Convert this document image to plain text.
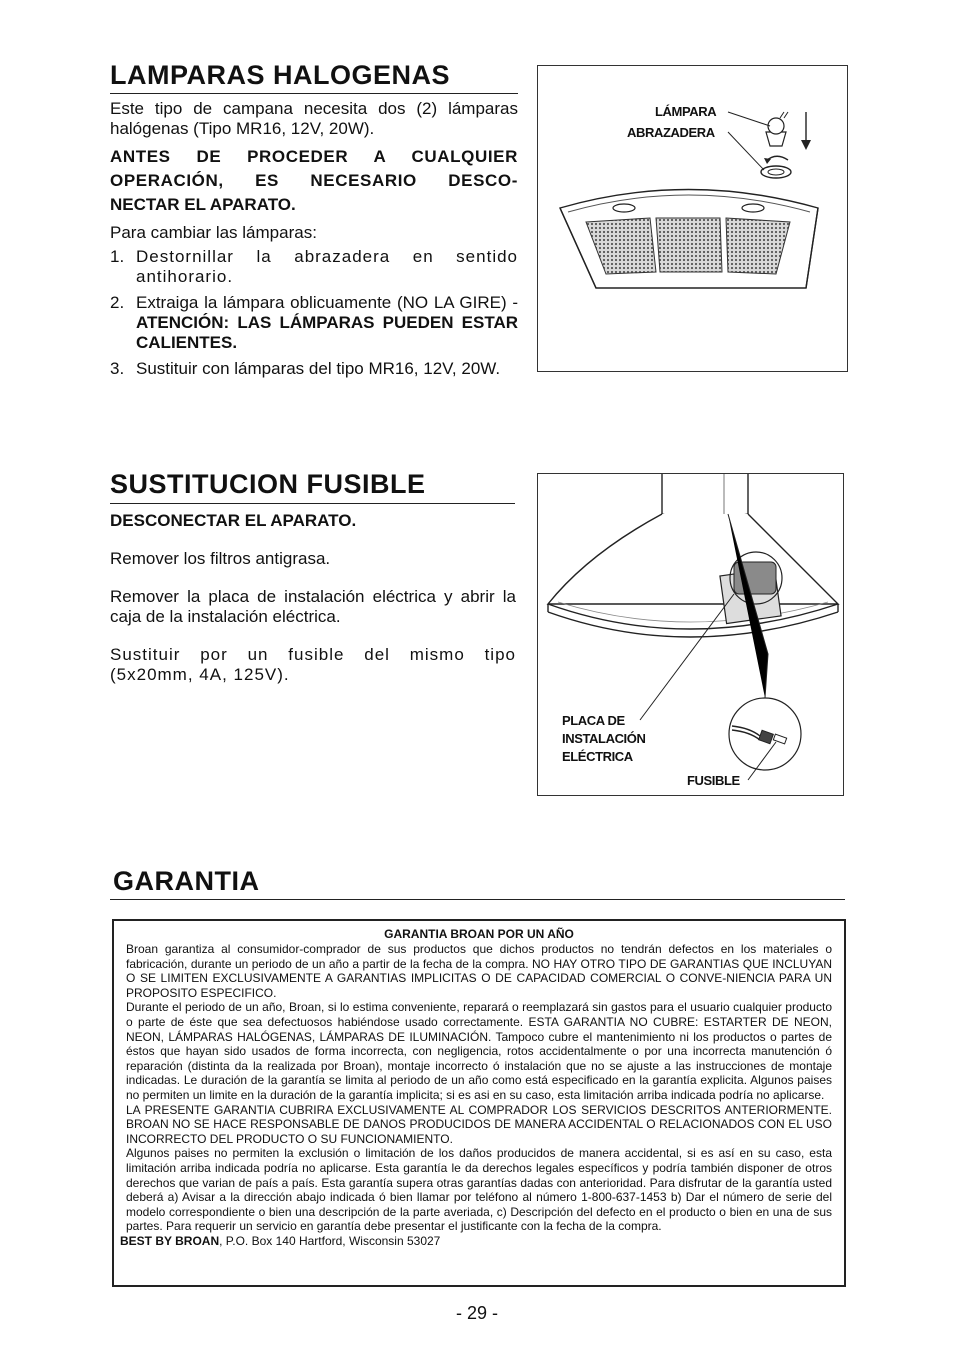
LAMPARAS HALOGENAS

Este tipo de campana necesita dos (2) lámparas halógenas (Tipo MR16, 12V, 20W).

ANTES DE PROCEDER A CUALQUIER
OPERACIÓN, ES NECESARIO DESCO-
NECTAR EL APARATO.

Para cambiar las lámparas:

1. Destornillar la abrazadera en sentido antihorario.
2. Extraiga la lámpara oblicuamente (NO LA GIRE) - ATENCIÓN: LAS LÁMPARAS PUEDEN ESTAR CALIENTES.
3. Sustituir con lámparas del tipo MR16, 12V, 20W.
LÁMPARA
ABRAZADERA
SUSTITUCION FUSIBLE

DESCONECTAR EL APARATO.

Remover los filtros antigrasa.

Remover la placa de instalación eléctrica y abrir la caja de la instalación eléctrica.

Sustituir por un fusible del mismo tipo (5x20mm, 4A, 125V).

PLACA DE
INSTALACIÓN
ELÉCTRICA
FUSIBLE
GARANTIA

GARANTIA BROAN POR UN AÑO

Broan garantiza al consumidor-comprador de sus productos que dichos productos no tendrán defectos en los materiales o fabricación, durante un periodo de un año a partir de la fecha de la compra. NO HAY OTRO TIPO DE GARANTIAS QUE INCLUYAN O SE LIMITEN EXCLUSIVAMENTE A GARANTIAS IMPLICITAS O DE CAPACIDAD COMERCIAL O CONVE-NIENCIA PARA UN PROPOSITO ESPECIFICO.

Durante el periodo de un año, Broan, si lo estima conveniente, reparará o reemplazará sin gastos para el usuario cualquier producto o parte de éste que sea defectuosos habiéndose usado correctamente. ESTA GARANTIA NO CUBRE: ESTARTER DE NEON, NEON, LÁMPARAS HALÓGENAS, LÁMPARAS DE ILUMINACIÓN. Tampoco cubre el mantenimiento ni los productos o partes de éstos que hayan sido usados de forma incorrecta, con negligencia, rotos accidentalmente o por una incorrecta manutención ó reparación (distinta da la realizada por Broan), montaje incorrecto ó instalación que no se ajuste a las instrucciones de montaje indicadas. Le duración de la garantía se limita al periodo de un año como está especificado en la garantía explicita. Algunos paises no permiten un limite en la duración de la garantía implicita; si es asi en su caso, esta limitación arriba indicada podría no aplicarse.

LA PRESENTE GARANTIA CUBRIRA EXCLUSIVAMENTE AL COMPRADOR LOS SERVICIOS DESCRITOS ANTERIORMENTE. BROAN NO SE HACE RESPONSABLE DE DANOS PRODUCIDOS DE MANERA ACCIDENTAL O RELACIONADOS CON EL USO INCORRECTO DEL PRODUCTO O SU FUNCIONAMIENTO.

Algunos paises no permiten la exclusión o limitación de los daños producidos de manera accidental, si es así en su caso, esta limitación arriba indicada podría no aplicarse. Esta garantía le da derechos legales específicos y podría también disponer de otros derechos que varian de país a país. Esta garantía supera otras garantías dadas con anterioridad. Para disfrutar de la garantía usted deberá a) Avisar a la dirección abajo indicada ó bien llamar por teléfono al número 1-800-637-1453 b) Dar el número de serie del modelo correspondiente o bien una descripción de la parte averiada, c) Descripción del defecto en el producto o bien en una de sus partes. Para requerir un servicio en garantía debe presentar el justificante con la fecha de la compra.

BEST BY BROAN, P.O. Box 140 Hartford, Wisconsin 53027

- 29 -
